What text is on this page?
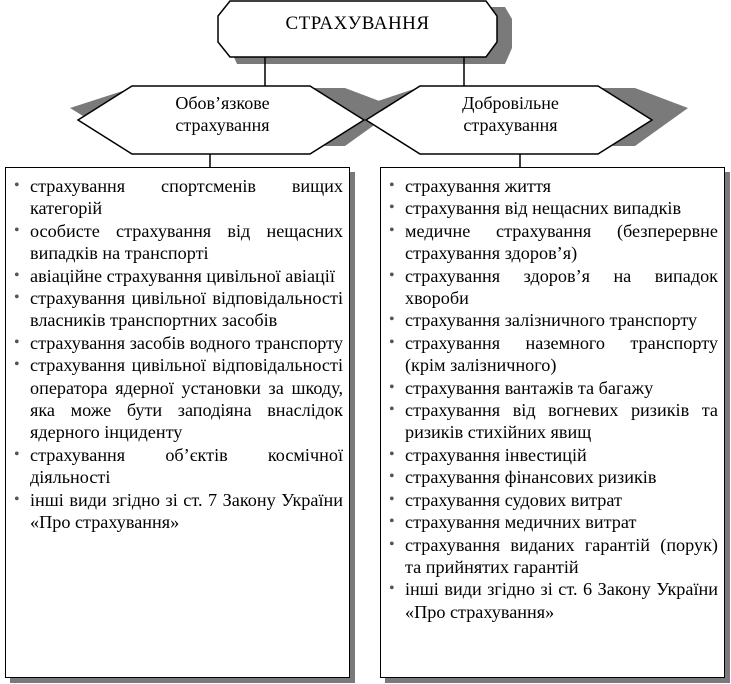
СТРАХУВАННЯ
Обов’язкове
страхування
Добровільне
страхування
• страхування спортсменів вищих категорій
• особисте страхування від нещасних випадків на транспорті
• авіаційне страхування цивільної авіації
• страхування цивільної відповідальності власників транспортних засобів
• страхування засобів водного транспорту
• страхування цивільної відповідальності оператора ядерної установки за шкоду, яка може бути заподіяна внаслідок ядерного інциденту
• страхування об’єктів космічної діяльності
• інші види згідно зі ст. 7 Закону України «Про страхування»
• страхування життя
• страхування від нещасних випадків
• медичне страхування (безперервне страхування здоров’я)
• страхування здоров’я на випадок хвороби
• страхування залізничного транспорту
• страхування наземного транспорту (крім залізничного)
• страхування вантажів та багажу
• страхування від вогневих ризиків та ризиків стихійних явищ
• страхування інвестицій
• страхування фінансових ризиків
• страхування судових витрат
• страхування медичних витрат
• страхування виданих гарантій (порук) та прийнятих гарантій
• інші види згідно зі ст. 6 Закону України «Про страхування»
